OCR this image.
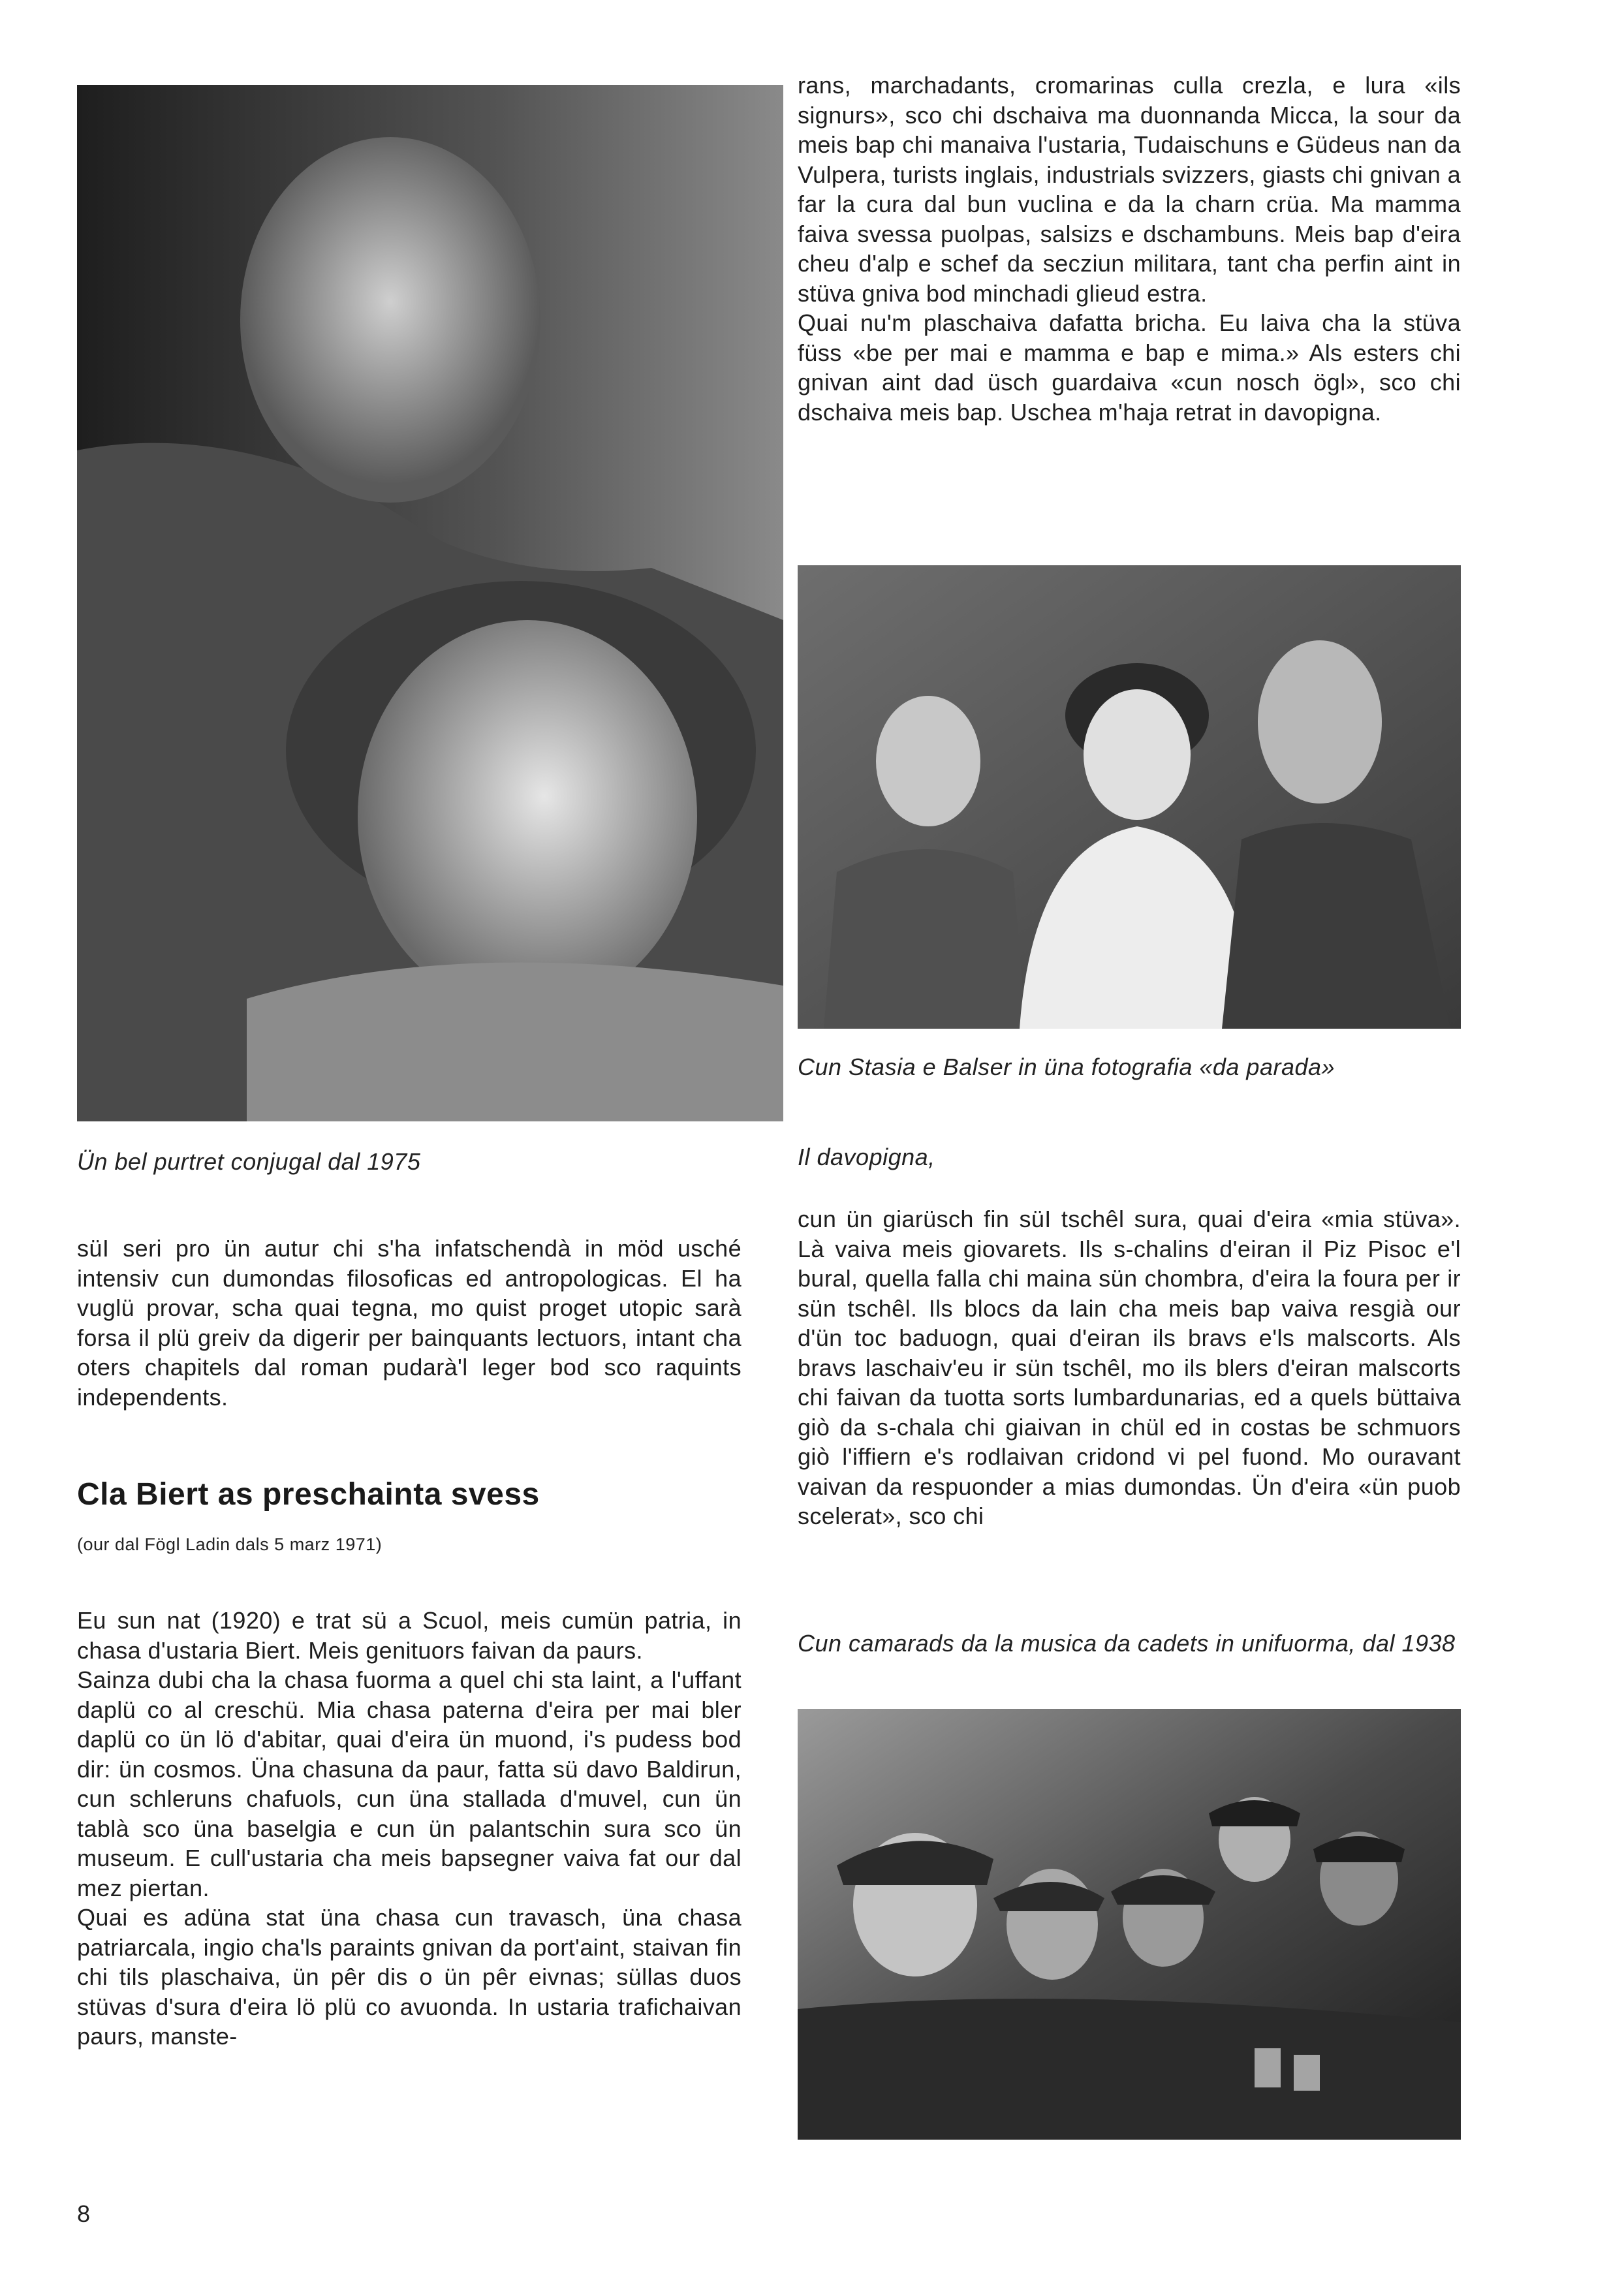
Ün bel purtret conjugal dal 1975

rans, marchadants, cromarinas culla crezla, e lura «ils signurs», sco chi dschaiva ma duonnanda Micca, la sour da meis bap chi manaiva l'ustaria, Tudaischuns e Güdeus nan da Vulpera, turists inglais, industrials svizzers, giasts chi gnivan a far la cura dal bun vuclina e da la charn crüa. Ma mamma faiva svessa puolpas, salsizs e dschambuns. Meis bap d'eira cheu d'alp e schef da secziun militara, tant cha perfin aint in stüva gniva bod minchadi glieud estra.

Quai nu'm plaschaiva dafatta bricha. Eu laiva cha la stüva füss «be per mai e mamma e bap e mima.» Als esters chi gnivan aint dad üsch guardaiva «cun nosch ögl», sco chi dschaiva meis bap. Uschea m'haja retrat in davopigna.

Cun Stasia e Balser in üna fotografia «da parada»
Il davopigna,
süI seri pro ün autur chi s'ha infatschendà in möd usché intensiv cun dumondas filosoficas ed antropologicas. El ha vuglü provar, scha quai tegna, mo quist proget utopic sarà forsa il plü greiv da digerir per bainquants lectuors, intant cha oters chapitels dal roman pudarà'l leger bod sco raquints independents.
Cla Biert as preschainta svess
(our dal Fögl Ladin dals 5 marz 1971)

Eu sun nat (1920) e trat sü a Scuol, meis cumün patria, in chasa d'ustaria Biert. Meis genituors faivan da paurs.

Sainza dubi cha la chasa fuorma a quel chi sta laint, a l'uffant daplü co al creschü. Mia chasa paterna d'eira per mai bler daplü co ün lö d'abitar, quai d'eira ün muond, i's pudess bod dir: ün cosmos. Üna chasuna da paur, fatta sü davo Baldirun, cun schleruns chafuols, cun üna stallada d'muvel, cun ün tablà sco üna baselgia e cun ün palantschin sura sco ün museum. E cull'ustaria cha meis bapsegner vaiva fat our dal mez piertan.

Quai es adüna stat üna chasa cun travasch, üna chasa patriarcala, ingio cha'ls paraints gnivan da port'aint, staivan fin chi tils plaschaiva, ün pêr dis o ün pêr eivnas; süllas duos stüvas d'sura d'eira lö plü co avuonda. In ustaria trafichaivan paurs, manste-

cun ün giarüsch fin süI tschêl sura, quai d'eira «mia stüva». Là vaiva meis giovarets. Ils s-chalins d'eiran il Piz Pisoc e'l bural, quella falla chi maina sün chombra, d'eira la foura per ir sün tschêl. Ils blocs da lain cha meis bap vaiva resgià our d'ün toc baduogn, quai d'eiran ils bravs e'ls malscorts. Als bravs laschaiv'eu ir sün tschêl, mo ils blers d'eiran malscorts chi faivan da tuotta sorts lumbardunarias, ed a quels büttaiva giò da s-chala chi giaivan in chül ed in costas be schmuors giò l'iffiern e's rodlaivan cridond vi pel fuond. Mo ouravant vaivan da respuonder a mias dumondas. Ün d'eira «ün puob scelerat», sco chi
Cun camarads da la musica da cadets in unifuorma, dal 1938
8
